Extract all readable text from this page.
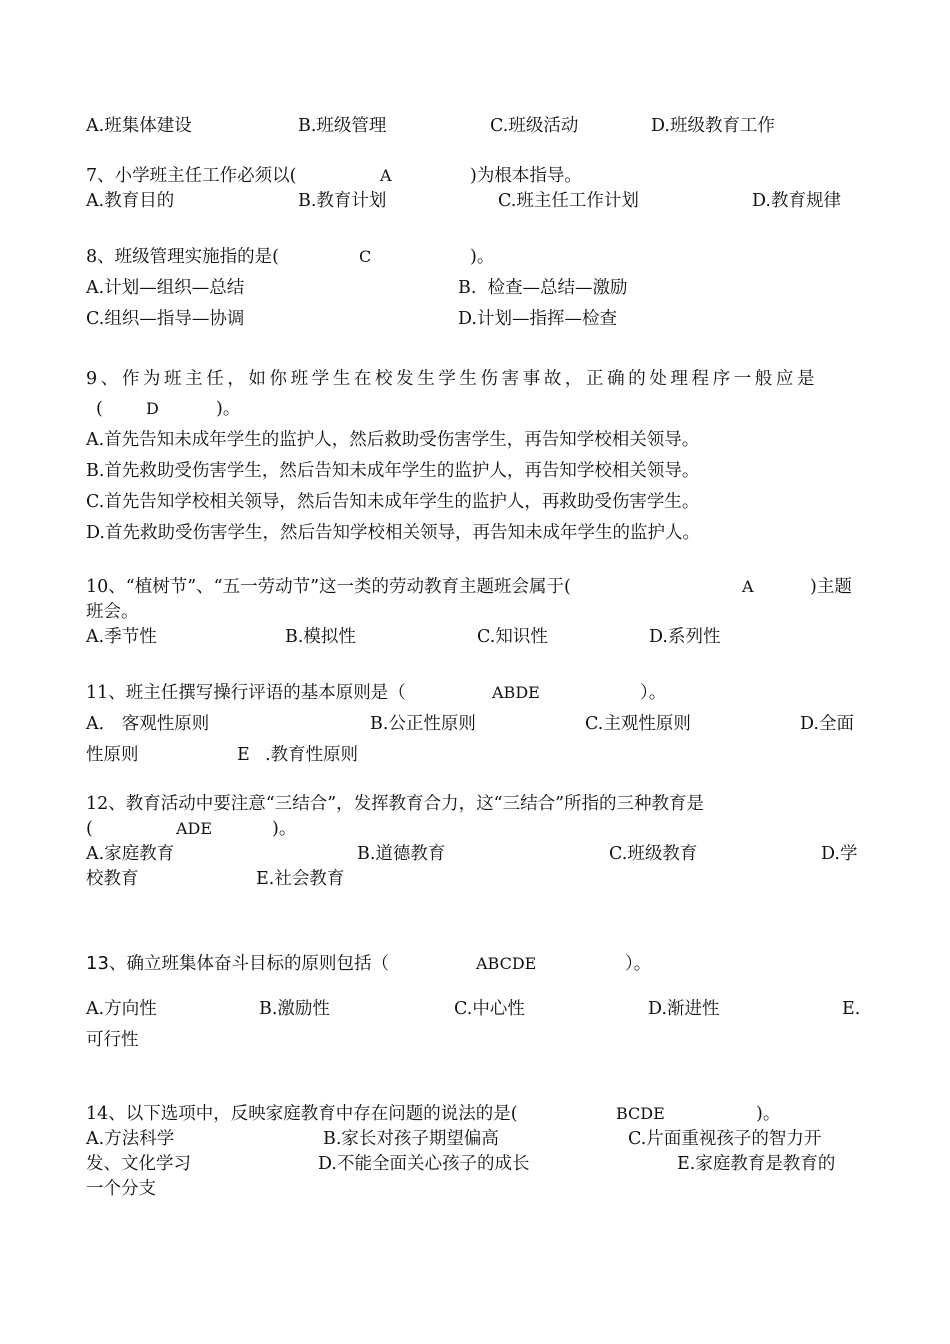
A.班集体建设	B.班级管理	C.班级活动	D.班级教育工作
7、小学班主任工作必须以(	A	)为根本指导。
A.教育目的	B.教育计划	C.班主任工作计划	D.教育规律
8、班级管理实施指的是(	C	)。
A.计划—组织—总结	B.  检查—总结—激励
C.组织—指导—协调	D.计划—指挥—检查
9、作为班主任，如你班学生在校发生学生伤害事故，正确的处理程序一般应是
(	D	)。
A.首先告知未成年学生的监护人，然后救助受伤害学生，再告知学校相关领导。
B.首先救助受伤害学生，然后告知未成年学生的监护人，再告知学校相关领导。
C.首先告知学校相关领导，然后告知未成年学生的监护人，再救助受伤害学生。
D.首先救助受伤害学生，然后告知学校相关领导，再告知未成年学生的监护人。
10、“植树节”、“五一劳动节”这一类的劳动教育主题班会属于(	A	)主题
班会。
A.季节性	B.模拟性	C.知识性	D.系列性
11、班主任撰写操行评语的基本原则是（	ABDE	）。
A． 客观性原则	B.公正性原则	C.主观性原则	D.全面
性原则	E .教育性原则
12、教育活动中要注意“三结合”，发挥教育合力，这“三结合”所指的三种教育是
(	ADE	)。
A.家庭教育	B.道德教育	C.班级教育	D.学
校教育	E.社会教育
13 、确立班集体奋斗目标的原则包括（	ABCDE	）。
A.方向性	B.激励性	C.中心性	D.渐进性	E.
可行性
14、以下选项中，反映家庭教育中存在问题的说法的是(	BCDE	)。
A.方法科学	B.家长对孩子期望偏高	C.片面重视孩子的智力开
发、文化学习	D.不能全面关心孩子的成长	E.家庭教育是教育的
一个分支
